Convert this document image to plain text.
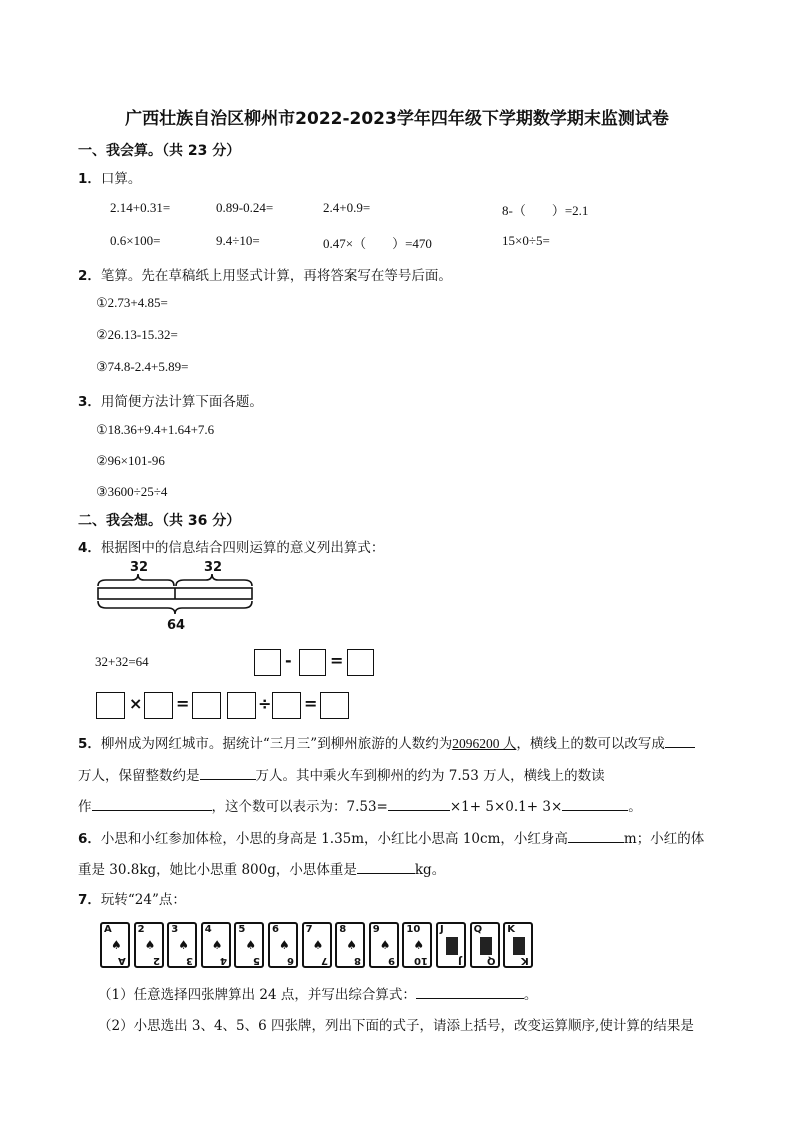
广西壮族自治区柳州市2022-2023学年四年级下学期数学期末监测试卷
一、我会算。（共 23 分）
1．口算。
2.14+0.31=	0.89-0.24=	2.4+0.9=	8-（　　）=2.1
0.6×100=	9.4÷10=	0.47×（　　）=470	15×0÷5=
2．笔算。先在草稿纸上用竖式计算，再将答案写在等号后面。
①2.73+4.85=
②26.13-15.32=
③74.8-2.4+5.89=
3．用简便方法计算下面各题。
①18.36+9.4+1.64+7.6
②96×101-96
③3600÷25÷4
二、我会想。（共 36 分）
4．根据图中的信息结合四则运算的意义列出算式：
32	32
64
32+32=64	- =
× =	÷ =
5．柳州成为网红城市。据统计“三月三”到柳州旅游的人数约为2096200 人，横线上的数可以改写成
万人，保留整数约是	万人。其中乘火车到柳州的约为 7.53 万人，横线上的数读
作	，这个数可以表示为：7.53=	×1+ 5×0.1+ 3×	。
6．小思和小红参加体检，小思的身高是 1.35m，小红比小思高 10cm，小红身高	m；小红的体
重是 30.8kg，她比小思重 800g，小思体重是	kg。
7．玩转“24”点：
A
A
♠
2
2
♠
3
3
♠
4
4
♠
5
5
♠
6
6
♠
7
7
♠
8
8
♠
9
9
♠
10
10
♠
J
J
Q
Q
K
K
（1）任意选择四张牌算出 24 点，并写出综合算式：	。
（2）小思选出 3、4、5、6 四张牌，列出下面的式子，请添上括号，改变运算顺序,使计算的结果是
